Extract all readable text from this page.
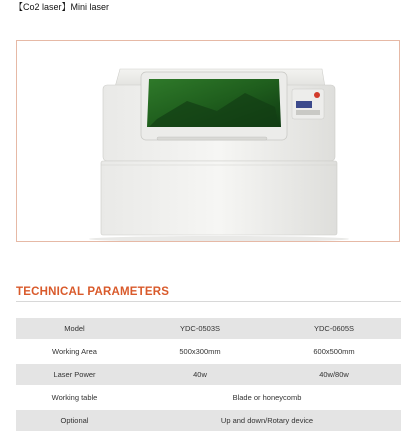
【Co2 laser】Mini laser
TECHNICAL PARAMETERS
Model	YDC-0503S	YDC-0605S
Working Area	500x300mm	600x500mm
Laser Power	40w	40w/80w
Working table	Blade or honeycomb	
Optional	Up and down/Rotary device	
